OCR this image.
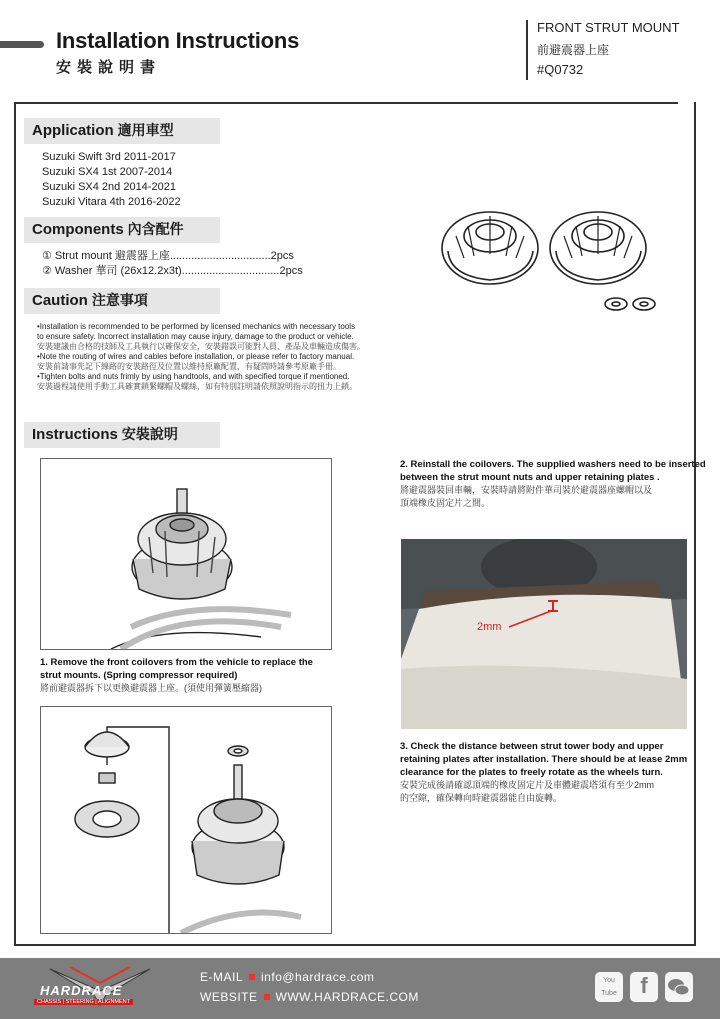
Installation Instructions
安裝說明書
FRONT STRUT MOUNT
前避震器上座
#Q0732
Application 適用車型
Suzuki Swift 3rd 2011-2017
Suzuki SX4 1st 2007-2014
Suzuki SX4 2nd 2014-2021
Suzuki Vitara 4th 2016-2022
Components 內含配件
① Strut mount 避震器上座.................................2pcs
② Washer 華司 (26x12.2x3t)................................2pcs
Caution 注意事項
•Installation is recommended to be performed by licensed mechanics with necessary tools
to ensure safety. Incorrect installation may cause injury, damage to the product or vehicle.
安裝建議由合格的技師及工具執行以確保安全，安裝錯誤可能對人員、產品及車輛造成傷害。
•Note the routing of wires and cables before installation, or please refer to factory manual.
安裝前請事先記下線路的安裝路徑及位置以維持原廠配置，有疑問時請參考原廠手冊。
•Tighten bolts and nuts frimly by using handtools, and with specified torque if mentioned.
安裝過程請使用手動工具確實鎖緊螺帽及螺絲，如有特別註明請依照說明指示的扭力上鎖。
Instructions 安裝說明
1. Remove the front coilovers from the vehicle to replace the
strut mounts. (Spring compressor required)
將前避震器拆下以更換避震器上座。(須使用彈簧壓縮器)
2. Reinstall the coilovers. The supplied washers need to be inserted
between the strut mount nuts and upper retaining plates .
將避震器裝回車輛，安裝時請將附件華司裝於避震器座螺帽以及
頂端橡皮固定片之間。
2mm
3. Check the distance between strut tower body and upper
retaining plates after installation. There should be at lease 2mm
clearance for the plates to freely rotate as the wheels turn.
安裝完成後請確認頂端的橡皮固定片及車體避震塔須有至少2mm
的空隙，確保轉向時避震器能自由旋轉。
HARDRACE
CHASSIS | STEERING | ALIGNMENT
E-MAIL info@hardrace.com
WEBSITE WWW.HARDRACE.COM
You Tube	f
